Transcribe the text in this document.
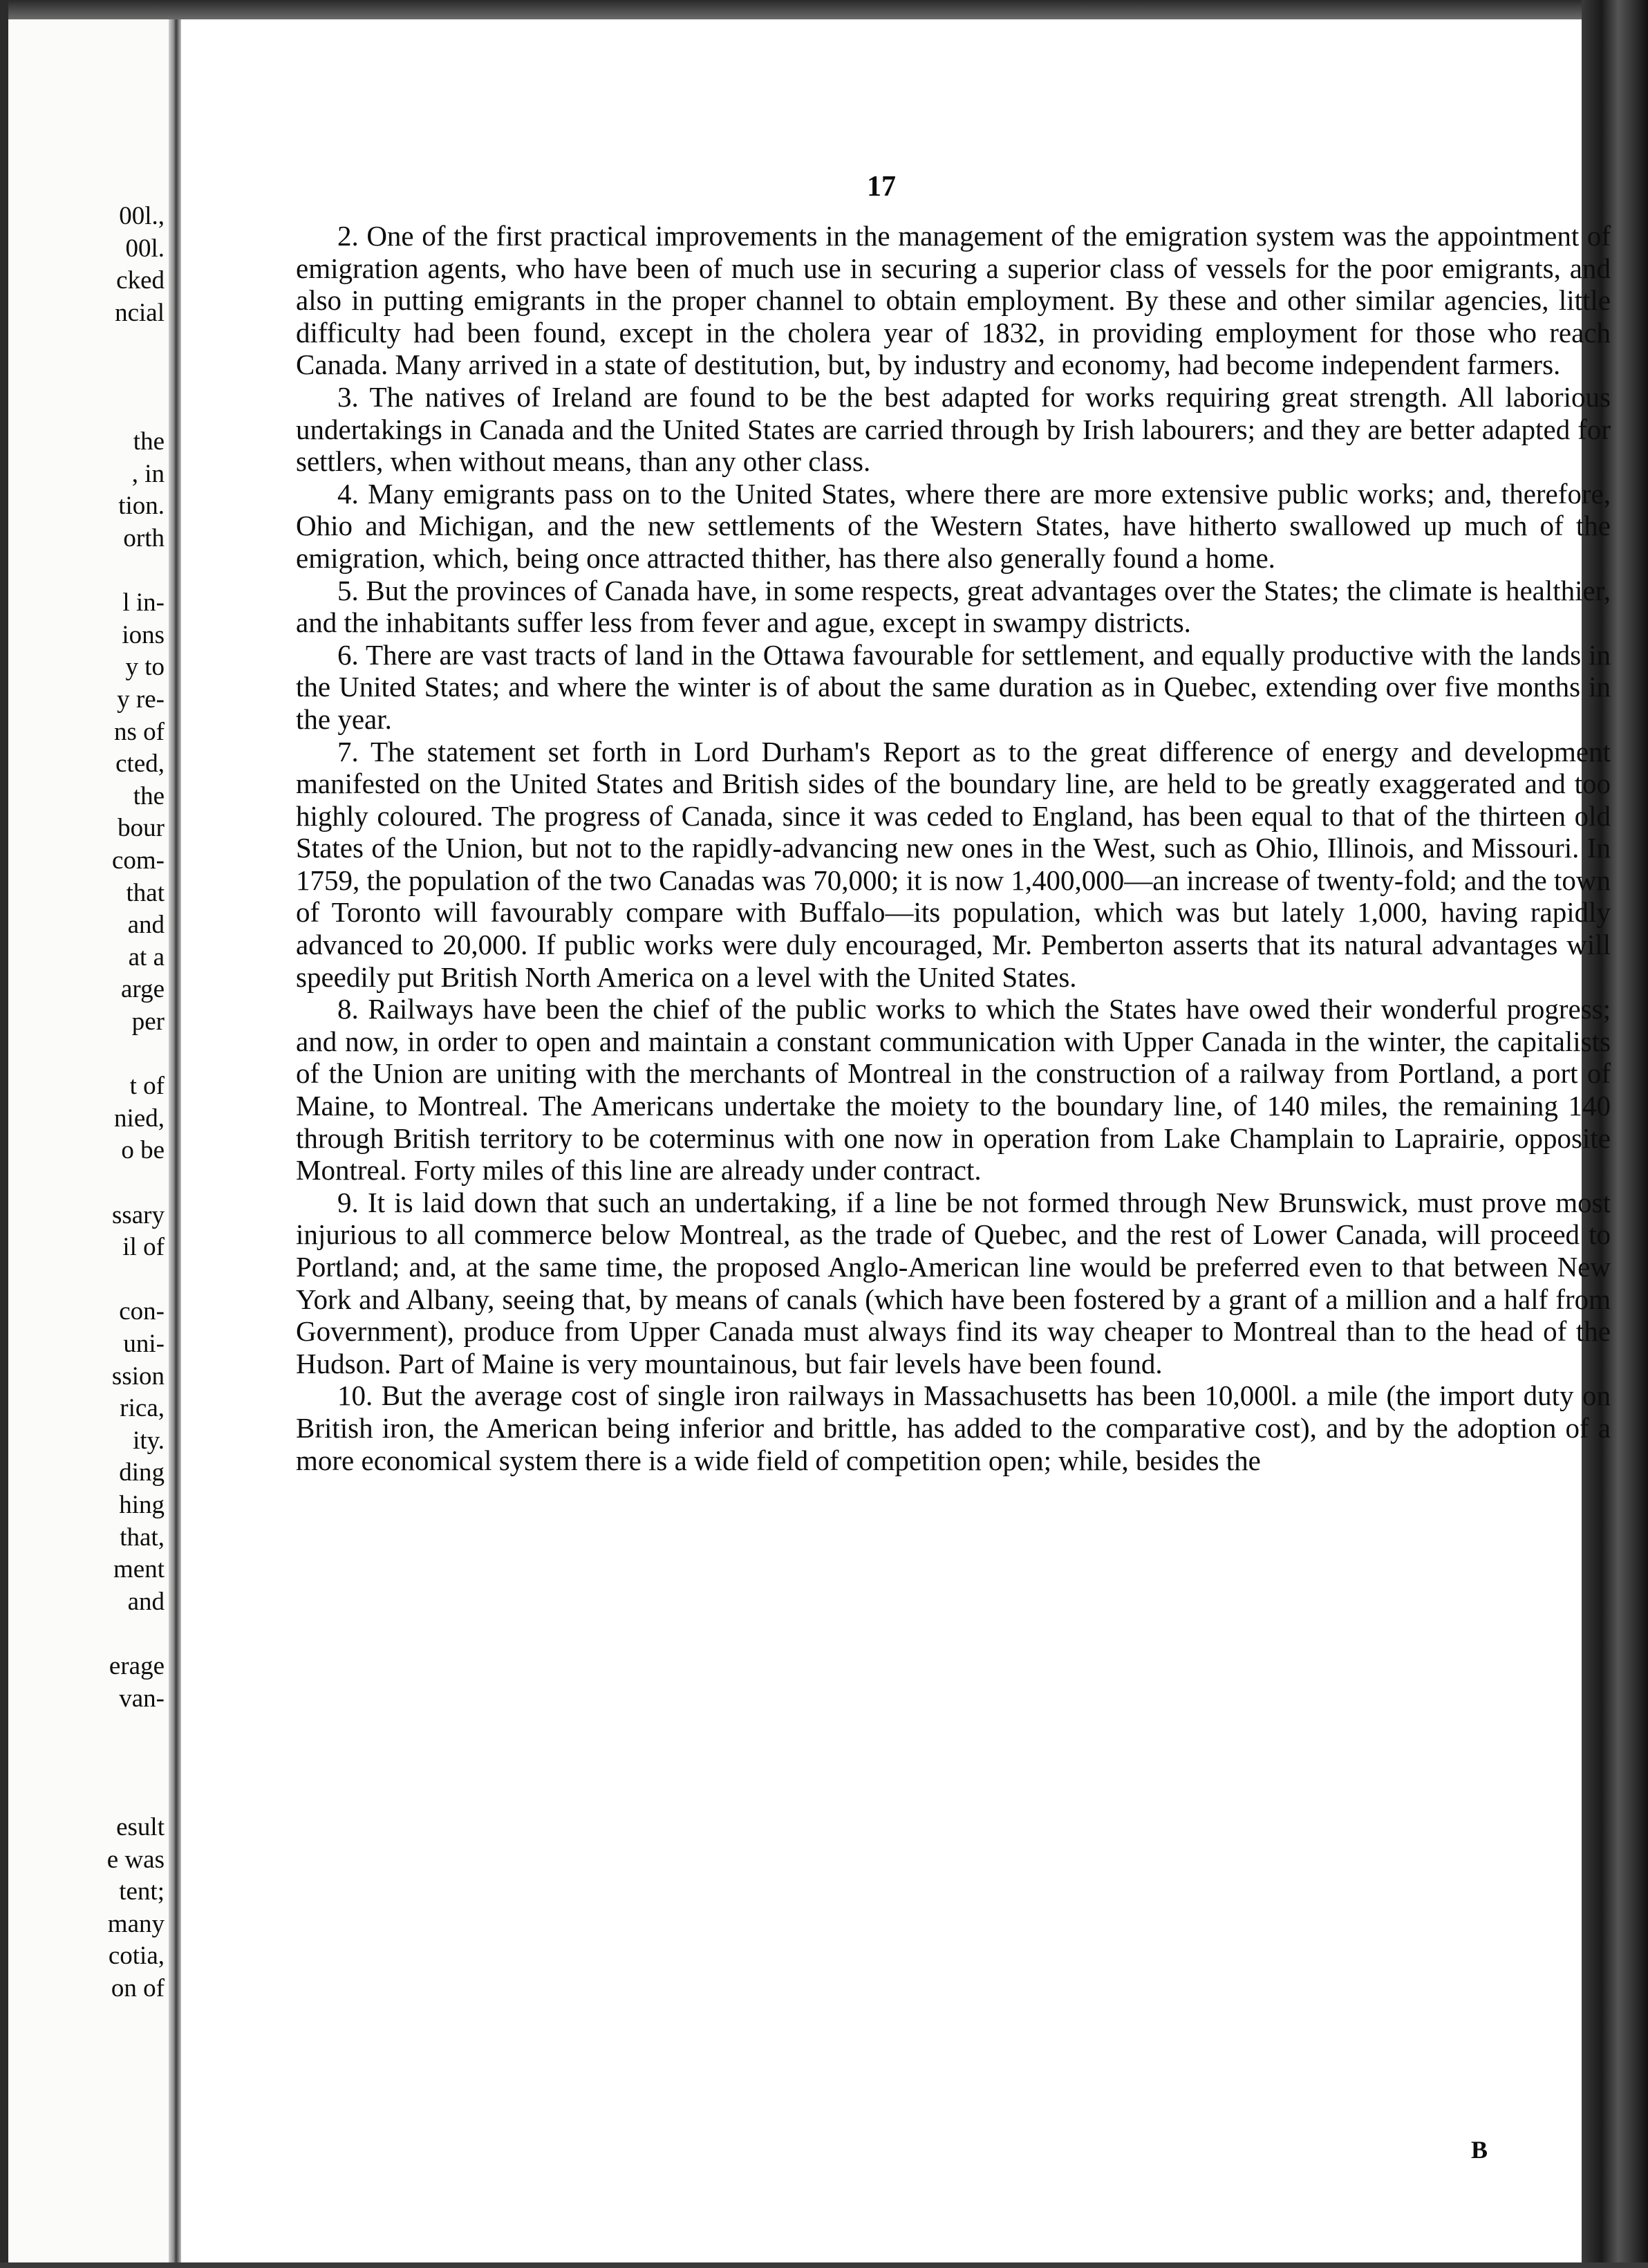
00l.,
00l.
cked
ncial
the
, in
tion.
orth
l in-
ions
y to
y re-
ns of
cted,
the
bour
com-
that
and
at a
arge
per
t of
nied,
o be
ssary
il of
con-
uni-
ssion
rica,
ity.
ding
hing
that,
ment
and
erage
van-
esult
e was
tent;
many
cotia,
on of
17

2. One of the first practical improvements in the management of the emigration system was the appointment of emigration agents, who have been of much use in securing a superior class of vessels for the poor emigrants, and also in putting emigrants in the proper channel to obtain employment. By these and other similar agencies, little difficulty had been found, except in the cholera year of 1832, in providing employment for those who reach Canada. Many arrived in a state of destitution, but, by industry and economy, had become independent farmers.

3. The natives of Ireland are found to be the best adapted for works requiring great strength. All laborious undertakings in Canada and the United States are carried through by Irish labourers; and they are better adapted for settlers, when without means, than any other class.

4. Many emigrants pass on to the United States, where there are more extensive public works; and, therefore, Ohio and Michigan, and the new settlements of the Western States, have hitherto swallowed up much of the emigration, which, being once attracted thither, has there also generally found a home.

5. But the provinces of Canada have, in some respects, great advantages over the States; the climate is healthier, and the inhabitants suffer less from fever and ague, except in swampy districts.

6. There are vast tracts of land in the Ottawa favourable for settlement, and equally productive with the lands in the United States; and where the winter is of about the same duration as in Quebec, extending over five months in the year.

7. The statement set forth in Lord Durham's Report as to the great difference of energy and development manifested on the United States and British sides of the boundary line, are held to be greatly exaggerated and too highly coloured. The progress of Canada, since it was ceded to England, has been equal to that of the thirteen old States of the Union, but not to the rapidly-advancing new ones in the West, such as Ohio, Illinois, and Missouri. In 1759, the population of the two Canadas was 70,000; it is now 1,400,000—an increase of twenty-fold; and the town of Toronto will favourably compare with Buffalo—its population, which was but lately 1,000, having rapidly advanced to 20,000. If public works were duly encouraged, Mr. Pemberton asserts that its natural advantages will speedily put British North America on a level with the United States.

8. Railways have been the chief of the public works to which the States have owed their wonderful progress; and now, in order to open and maintain a constant communication with Upper Canada in the winter, the capitalists of the Union are uniting with the merchants of Montreal in the construction of a railway from Portland, a port of Maine, to Montreal. The Americans undertake the moiety to the boundary line, of 140 miles, the remaining 140 through British territory to be coterminus with one now in operation from Lake Champlain to Laprairie, opposite Montreal. Forty miles of this line are already under contract.

9. It is laid down that such an undertaking, if a line be not formed through New Brunswick, must prove most injurious to all commerce below Montreal, as the trade of Quebec, and the rest of Lower Canada, will proceed to Portland; and, at the same time, the proposed Anglo-American line would be preferred even to that between New York and Albany, seeing that, by means of canals (which have been fostered by a grant of a million and a half from Government), produce from Upper Canada must always find its way cheaper to Montreal than to the head of the Hudson. Part of Maine is very mountainous, but fair levels have been found.

10. But the average cost of single iron railways in Massachusetts has been 10,000l. a mile (the import duty on British iron, the American being inferior and brittle, has added to the comparative cost), and by the adoption of a more economical system there is a wide field of competition open; while, besides the

B
